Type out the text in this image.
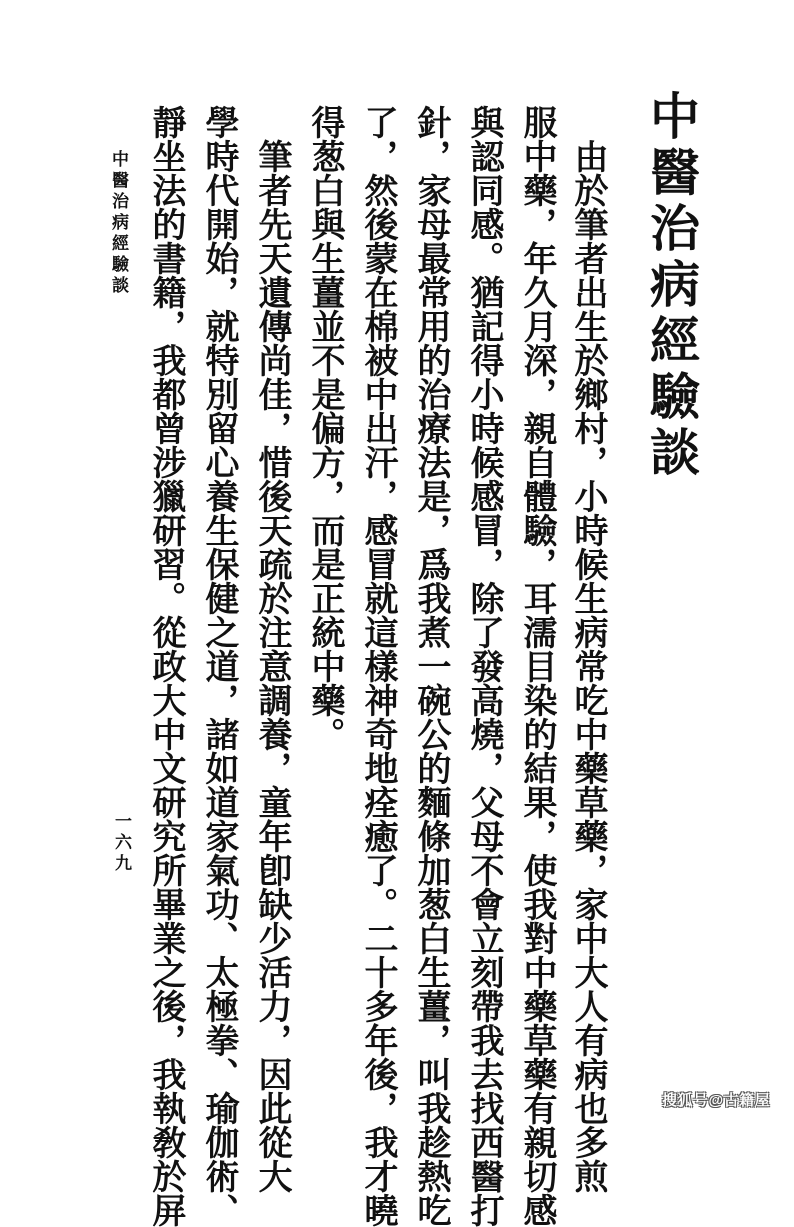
中醫治病經驗談
　由於筆者出生於鄉村，小時候生病常吃中藥草藥，家中大人有病也多煎
服中藥，年久月深，親自體驗，耳濡目染的結果，使我對中藥草藥有親切感
與認同感。猶記得小時候感冒，除了發高燒，父母不會立刻帶我去找西醫打
針，家母最常用的治療法是，爲我煮一碗公的麵條加葱白生薑，叫我趁熱吃
了，然後蒙在棉被中出汗，感冒就這樣神奇地痊癒了。二十多年後，我才曉
得葱白與生薑並不是偏方，而是正統中藥。
　筆者先天遺傳尚佳，惜後天疏於注意調養，童年卽缺少活力，因此從大
學時代開始，就特別留心養生保健之道，諸如道家氣功、太極拳、瑜伽術、
靜坐法的書籍，我都曾涉獵研習。從政大中文研究所畢業之後，我執敎於屏
中醫治病經驗談
一六九
搜狐号@古籍屋
